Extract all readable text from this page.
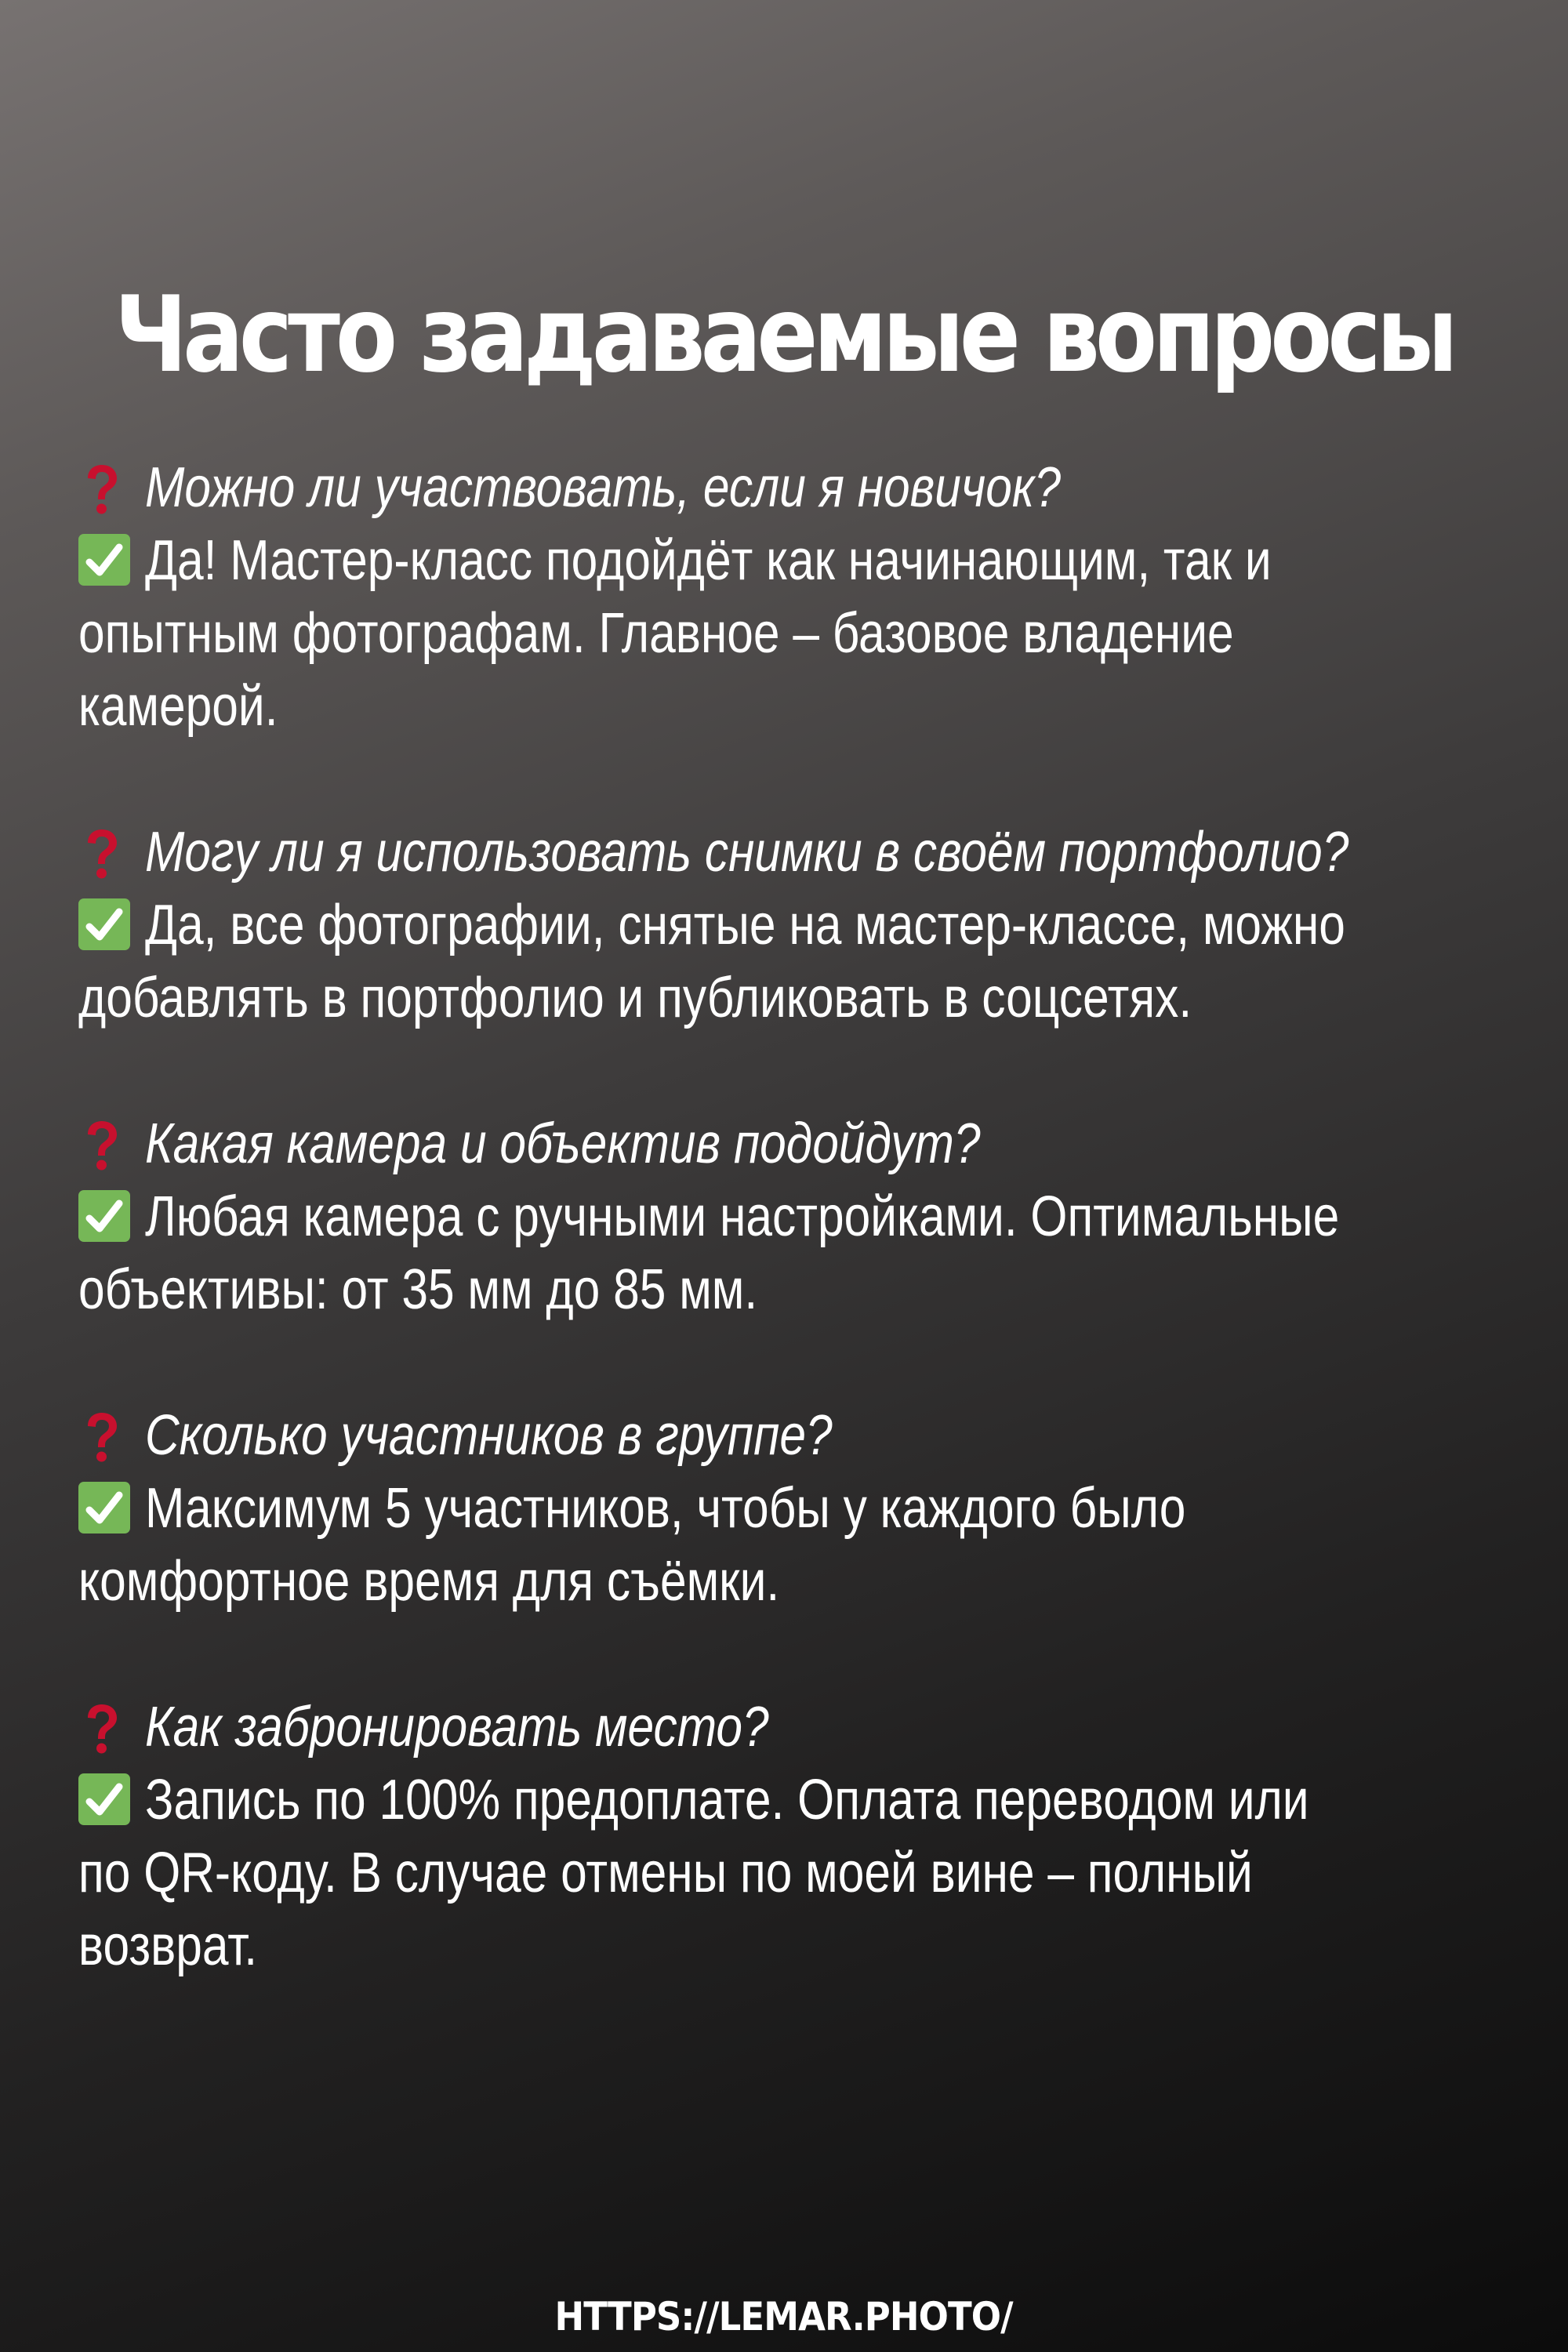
Часто задаваемые вопросы
Можно ли участвовать, если я новичок?
Да! Мастер-класс подойдёт как начинающим, так и
опытным фотографам. Главное – базовое владение
камерой.
Могу ли я использовать снимки в своём портфолио?
Да, все фотографии, снятые на мастер-классе, можно
добавлять в портфолио и публиковать в соцсетях.
Какая камера и объектив подойдут?
Любая камера с ручными настройками. Оптимальные
объективы: от 35 мм до 85 мм.
Сколько участников в группе?
Максимум 5 участников, чтобы у каждого было
комфортное время для съёмки.
Как забронировать место?
Запись по 100% предоплате. Оплата переводом или
по QR-коду. В случае отмены по моей вине – полный
возврат.
HTTPS://LEMAR.PHOTO/
